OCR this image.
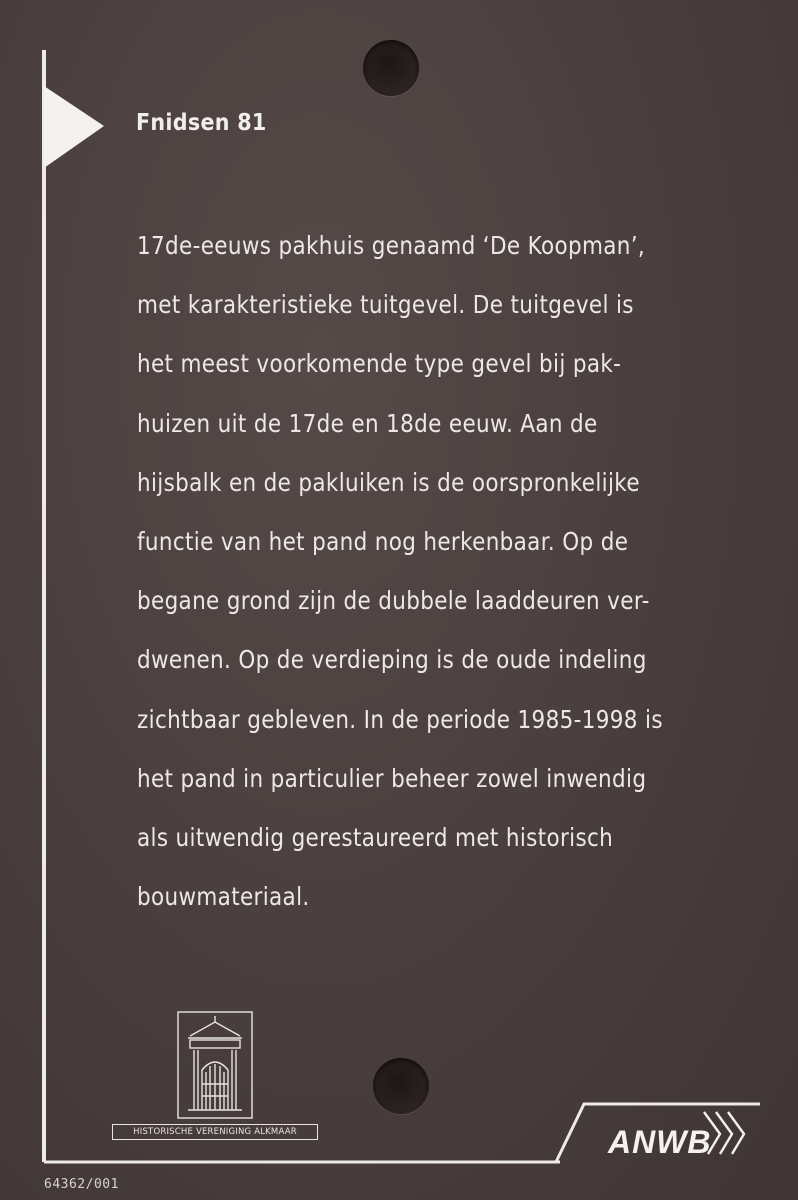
Fnidsen 81
17de-eeuws pakhuis genaamd ‘De Koopman’,
met karakteristieke tuitgevel. De tuitgevel is
het meest voorkomende type gevel bij pak-
huizen uit de 17de en 18de eeuw. Aan de
hijsbalk en de pakluiken is de oorspronkelijke
functie van het pand nog herkenbaar. Op de
begane grond zijn de dubbele laaddeuren ver-
dwenen. Op de verdieping is de oude indeling
zichtbaar gebleven. In de periode 1985-1998 is
het pand in particulier beheer zowel inwendig
als uitwendig gerestaureerd met historisch
bouwmateriaal.
HISTORISCHE VERENIGING ALKMAAR	ANWB
64362/001
